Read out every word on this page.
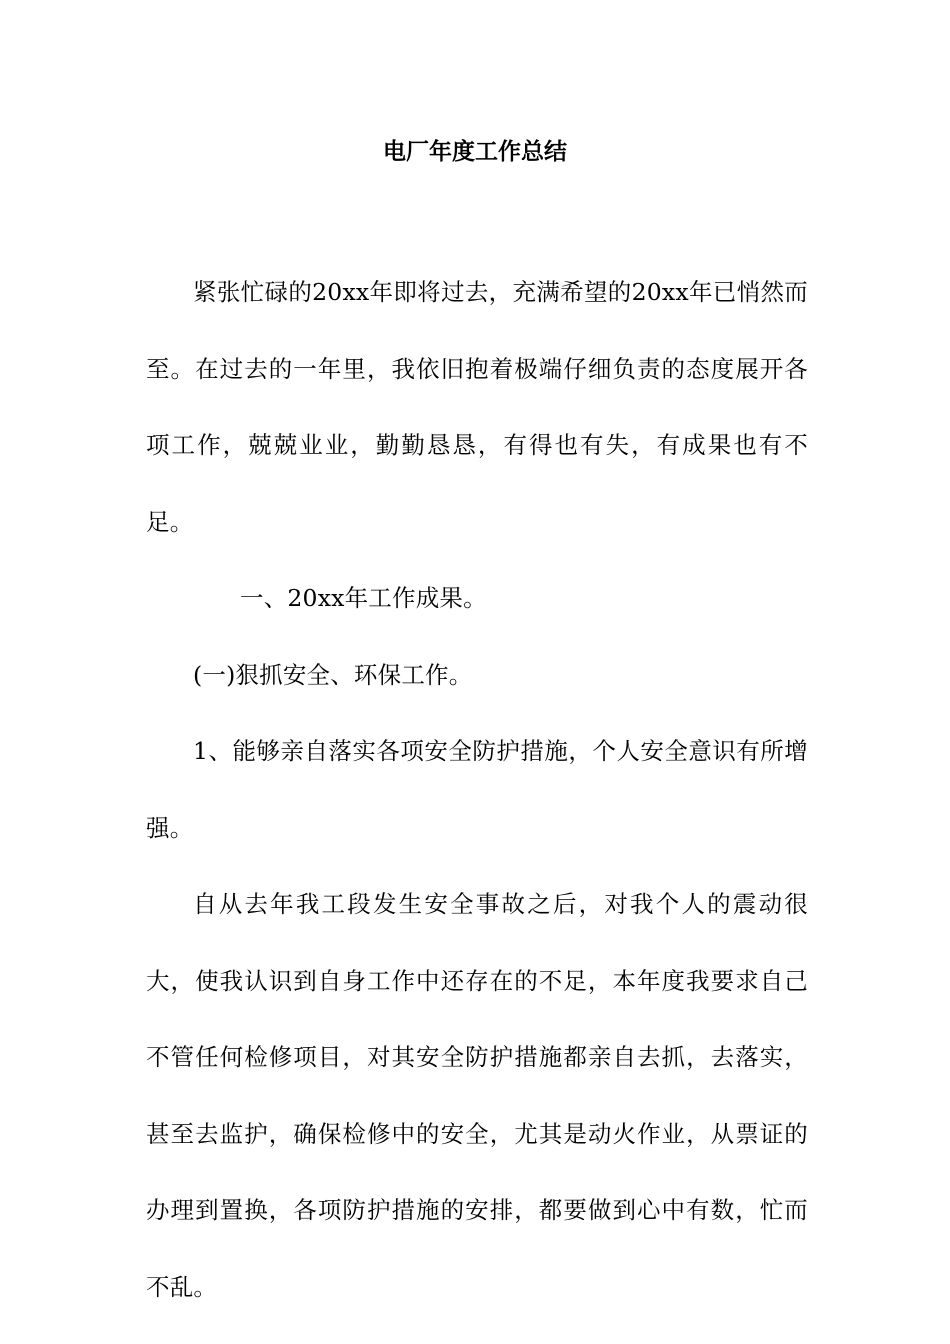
电厂年度工作总结

紧张忙碌的20xx年即将过去，充满希望的20xx年已悄然而至。在过去的一年里，我依旧抱着极端仔细负责的态度展开各项工作，兢兢业业，勤勤恳恳，有得也有失，有成果也有不足。

一、20xx年工作成果。

(一)狠抓安全、环保工作。

1、能够亲自落实各项安全防护措施，个人安全意识有所增强。

自从去年我工段发生安全事故之后，对我个人的震动很大，使我认识到自身工作中还存在的不足，本年度我要求自己不管任何检修项目，对其安全防护措施都亲自去抓，去落实，甚至去监护，确保检修中的安全，尤其是动火作业，从票证的办理到置换，各项防护措施的安排，都要做到心中有数，忙而不乱。
